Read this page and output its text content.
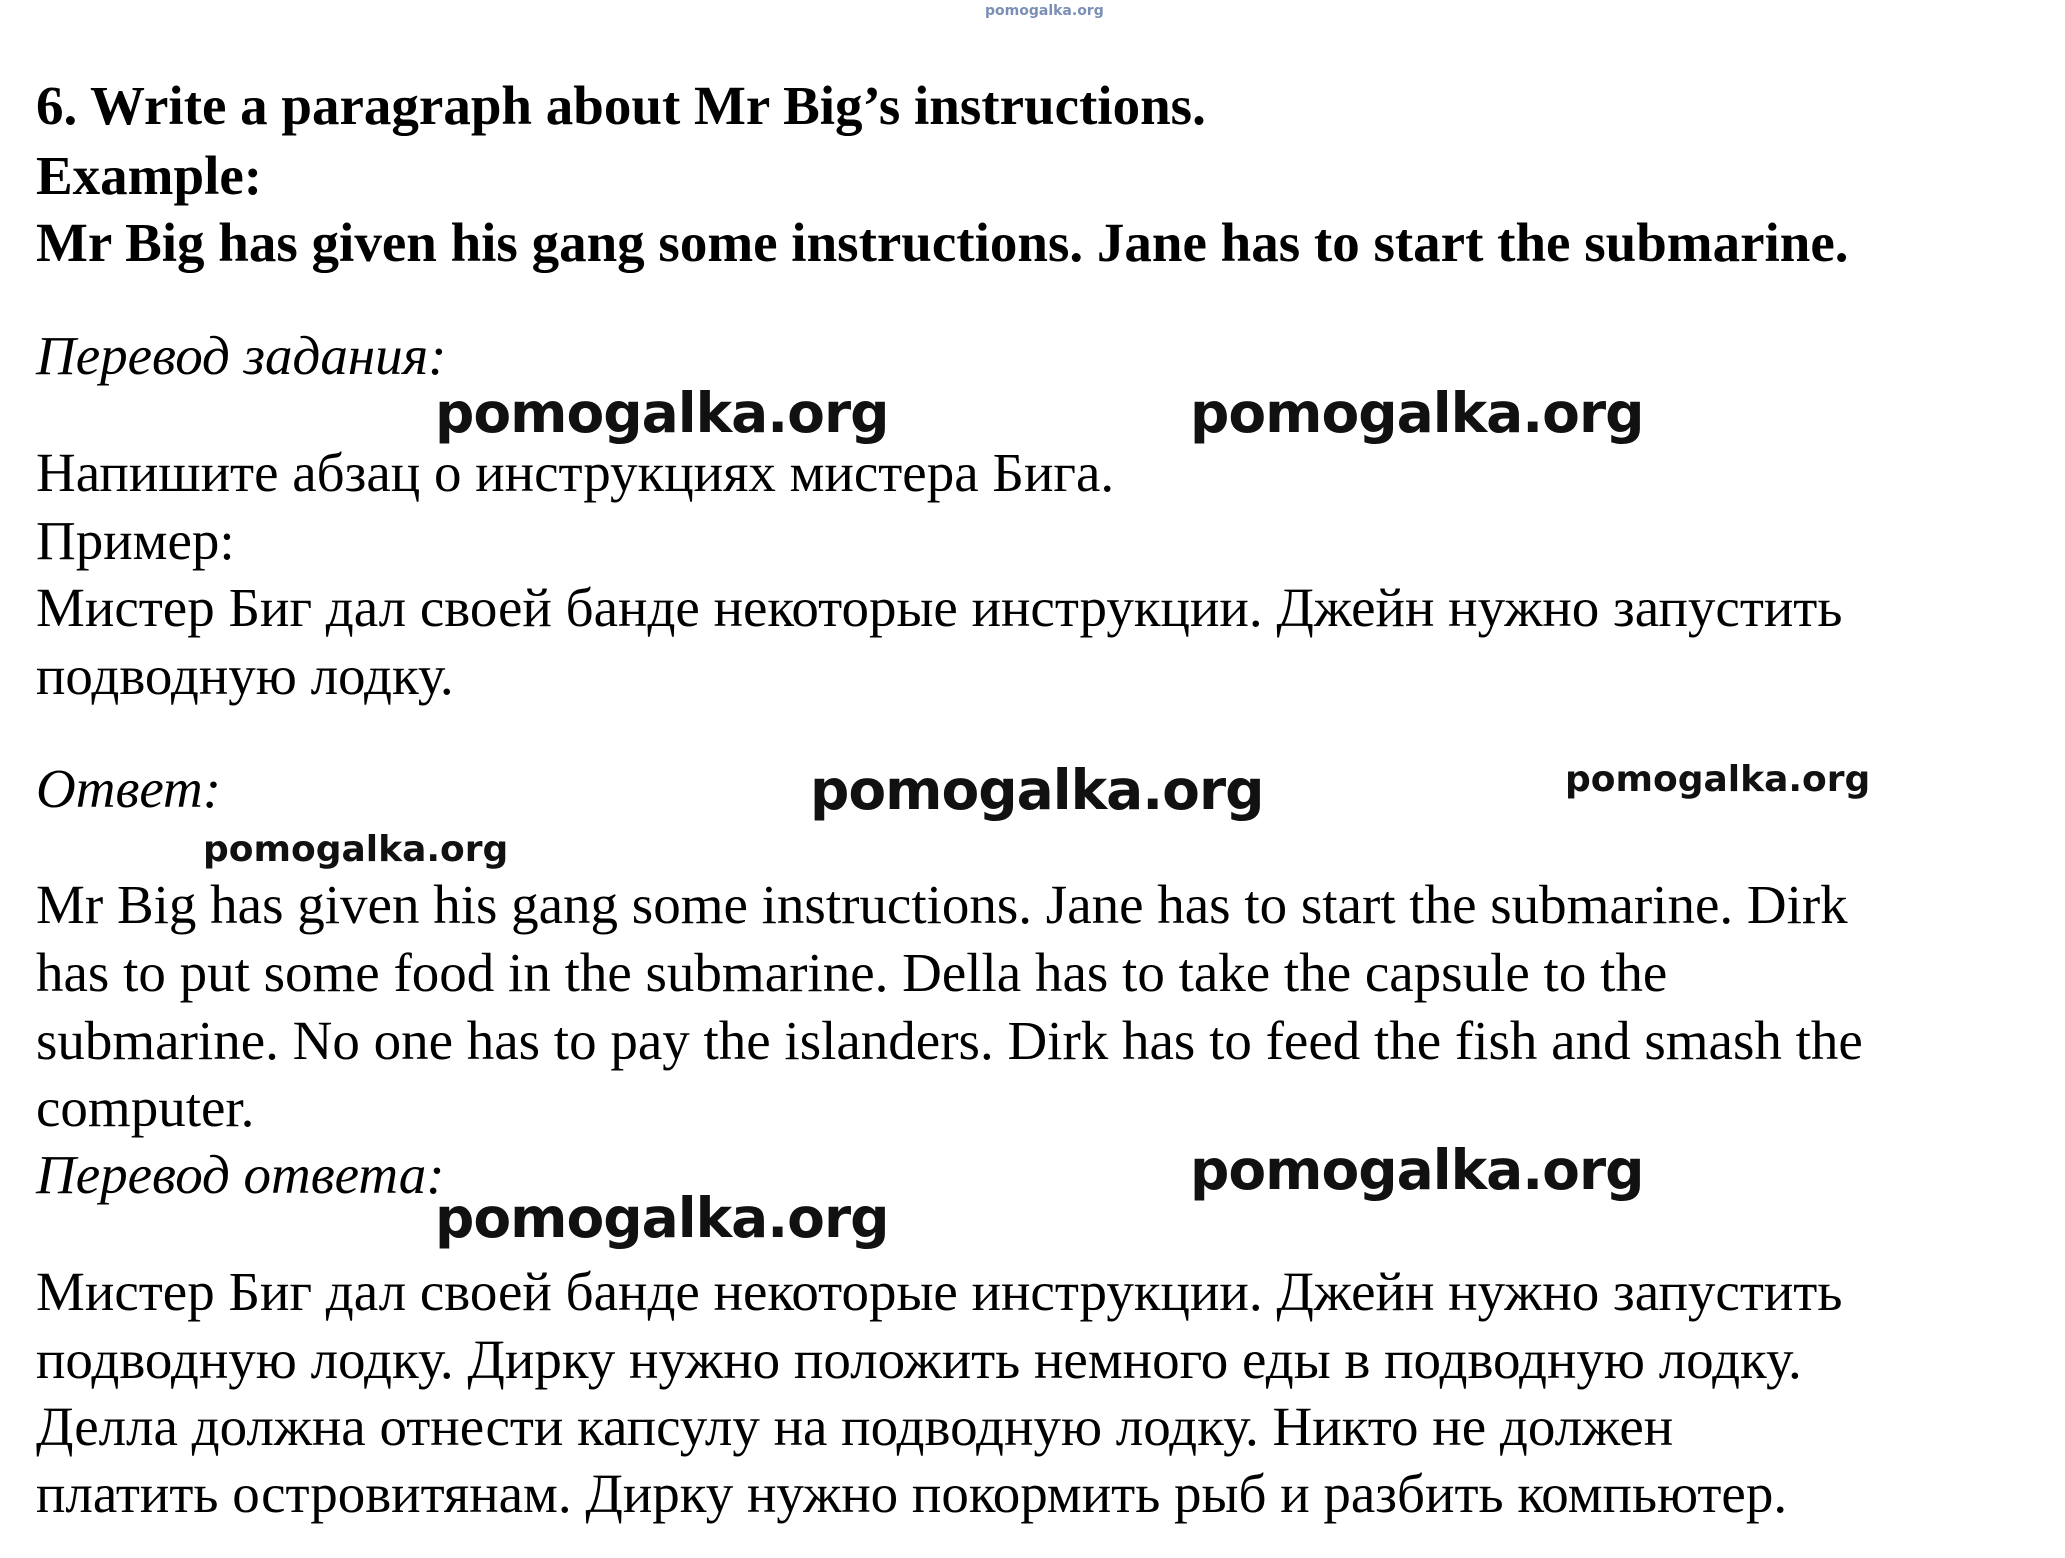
pomogalka.org
6. Write a paragraph about Mr Big’s instructions.
Example:
Mr Big has given his gang some instructions. Jane has to start the submarine.
Перевод задания:
Напишите абзац о инструкциях мистера Бига.
Пример:
Мистер Биг дал своей банде некоторые инструкции. Джейн нужно запустить
подводную лодку.
Ответ:
Mr Big has given his gang some instructions. Jane has to start the submarine. Dirk
has to put some food in the submarine. Della has to take the capsule to the
submarine. No one has to pay the islanders. Dirk has to feed the fish and smash the
computer.
Перевод ответа:
Мистер Биг дал своей банде некоторые инструкции. Джейн нужно запустить
подводную лодку. Дирку нужно положить немного еды в подводную лодку.
Делла должна отнести капсулу на подводную лодку. Никто не должен
платить островитянам. Дирку нужно покормить рыб и разбить компьютер.
pomogalka.org	pomogalka.org
pomogalka.org	pomogalka.org
pomogalka.org
pomogalka.org
pomogalka.org
